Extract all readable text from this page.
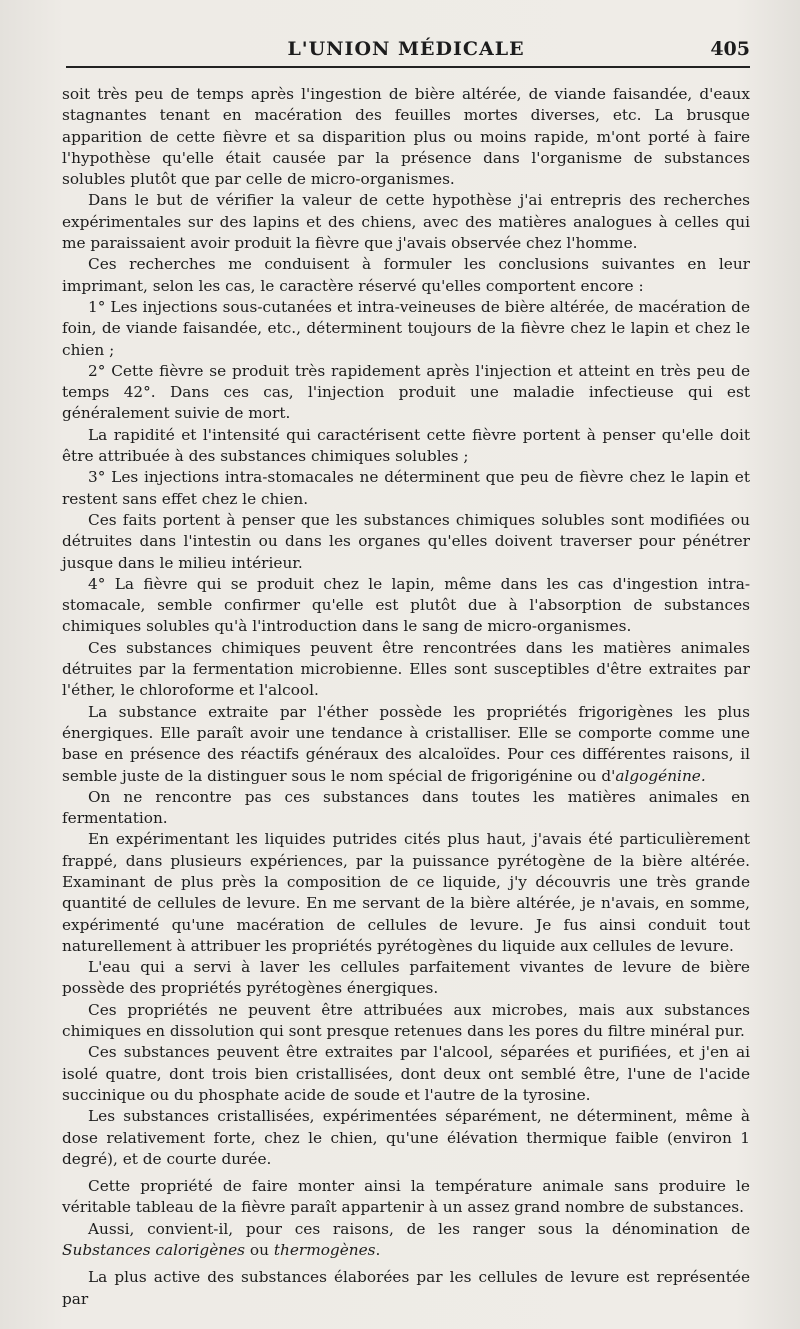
L'UNION MÉDICALE	405

soit très peu de temps après l'ingestion de bière altérée, de viande faisandée, d'eaux stagnantes tenant en macération des feuilles mortes diverses, etc. La brusque apparition de cette fièvre et sa disparition plus ou moins rapide, m'ont porté à faire l'hypothèse qu'elle était causée par la présence dans l'organisme de substances solubles plutôt que par celle de micro-organismes.

Dans le but de vérifier la valeur de cette hypothèse j'ai entrepris des recherches expérimentales sur des lapins et des chiens, avec des matières analogues à celles qui me paraissaient avoir produit la fièvre que j'avais observée chez l'homme.

Ces recherches me conduisent à formuler les conclusions suivantes en leur imprimant, selon les cas, le caractère réservé qu'elles comportent encore :

1° Les injections sous-cutanées et intra-veineuses de bière altérée, de macération de foin, de viande faisandée, etc., déterminent toujours de la fièvre chez le lapin et chez le chien ;

2° Cette fièvre se produit très rapidement après l'injection et atteint en très peu de temps 42°. Dans ces cas, l'injection produit une maladie infectieuse qui est généralement suivie de mort.

La rapidité et l'intensité qui caractérisent cette fièvre portent à penser qu'elle doit être attribuée à des substances chimiques solubles ;

3° Les injections intra-stomacales ne déterminent que peu de fièvre chez le lapin et restent sans effet chez le chien.

Ces faits portent à penser que les substances chimiques solubles sont modifiées ou détruites dans l'intestin ou dans les organes qu'elles doivent traverser pour pénétrer jusque dans le milieu intérieur.

4° La fièvre qui se produit chez le lapin, même dans les cas d'ingestion intra-stomacale, semble confirmer qu'elle est plutôt due à l'absorption de substances chimiques solubles qu'à l'introduction dans le sang de micro-organismes.

Ces substances chimiques peuvent être rencontrées dans les matières animales détruites par la fermentation microbienne. Elles sont susceptibles d'être extraites par l'éther, le chloroforme et l'alcool.

La substance extraite par l'éther possède les propriétés frigorigènes les plus énergiques. Elle paraît avoir une tendance à cristalliser. Elle se comporte comme une base en présence des réactifs généraux des alcaloïdes. Pour ces différentes raisons, il semble juste de la distinguer sous le nom spécial de frigorigénine ou d'algogénine.

On ne rencontre pas ces substances dans toutes les matières animales en fermentation.

En expérimentant les liquides putrides cités plus haut, j'avais été particulièrement frappé, dans plusieurs expériences, par la puissance pyrétogène de la bière altérée. Examinant de plus près la composition de ce liquide, j'y découvris une très grande quantité de cellules de levure. En me servant de la bière altérée, je n'avais, en somme, expérimenté qu'une macération de cellules de levure. Je fus ainsi conduit tout naturellement à attribuer les propriétés pyrétogènes du liquide aux cellules de levure.

L'eau qui a servi à laver les cellules parfaitement vivantes de levure de bière possède des propriétés pyrétogènes énergiques.

Ces propriétés ne peuvent être attribuées aux microbes, mais aux substances chimiques en dissolution qui sont presque retenues dans les pores du filtre minéral pur.

Ces substances peuvent être extraites par l'alcool, séparées et purifiées, et j'en ai isolé quatre, dont trois bien cristallisées, dont deux ont semblé être, l'une de l'acide succinique ou du phosphate acide de soude et l'autre de la tyrosine.

Les substances cristallisées, expérimentées séparément, ne déterminent, même à dose relativement forte, chez le chien, qu'une élévation thermique faible (environ 1 degré), et de courte durée.

Cette propriété de faire monter ainsi la température animale sans produire le véritable tableau de la fièvre paraît appartenir à un assez grand nombre de substances.

Aussi, convient-il, pour ces raisons, de les ranger sous la dénomination de Substances calorigènes ou thermogènes.

La plus active des substances élaborées par les cellules de levure est représentée par
